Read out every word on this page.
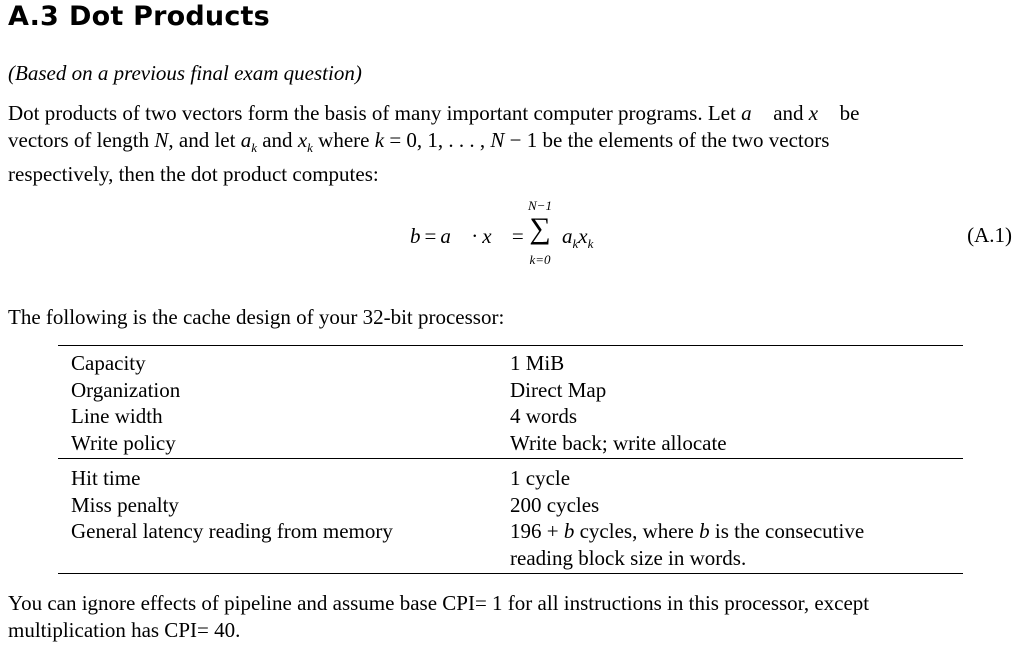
A.3 Dot Products
(Based on a previous final exam question)
Dot products of two vectors form the basis of many important computer programs. Let a⃗ and x⃗ be
vectors of length N, and let $a_k$ and $x_k$ where k = 0, 1, . . . , N − 1 be the elements of the two vectors
respectively, then the dot product computes:
b = a⃗ · x⃗ =
N−1
∑
k=0
$a_kx_k$	(A.1)
The following is the cache design of your 32-bit processor:
Capacity	1 MiB
Organization	Direct Map
Line width	4 words
Write policy	Write back; write allocate
Hit time	1 cycle
Miss penalty	200 cycles
General latency reading from memory	196 + b cycles, where b is the consecutive
reading block size in words.
You can ignore effects of pipeline and assume base CPI= 1 for all instructions in this processor, except
multiplication has CPI= 40.
